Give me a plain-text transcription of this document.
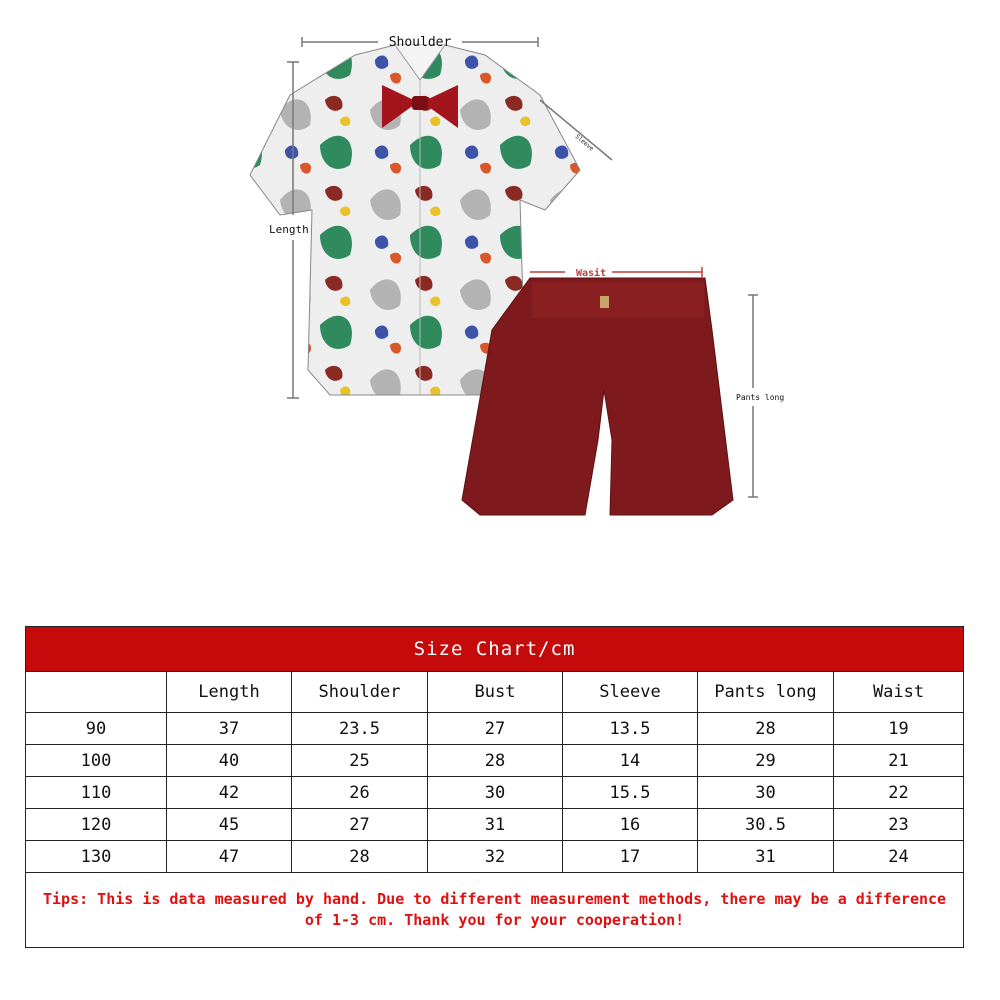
Shoulder
Length
Sleeve
Wasit
Pants long
Size Chart/cm						
	Length	Shoulder	Bust	Sleeve	Pants long	Waist
90	37	23.5	27	13.5	28	19
100	40	25	28	14	29	21
110	42	26	30	15.5	30	22
120	45	27	31	16	30.5	23
130	47	28	32	17	31	24
Tips: This is data measured by hand. Due to different measurement methods, there may be a difference of 1-3 cm. Thank you for your cooperation!						
